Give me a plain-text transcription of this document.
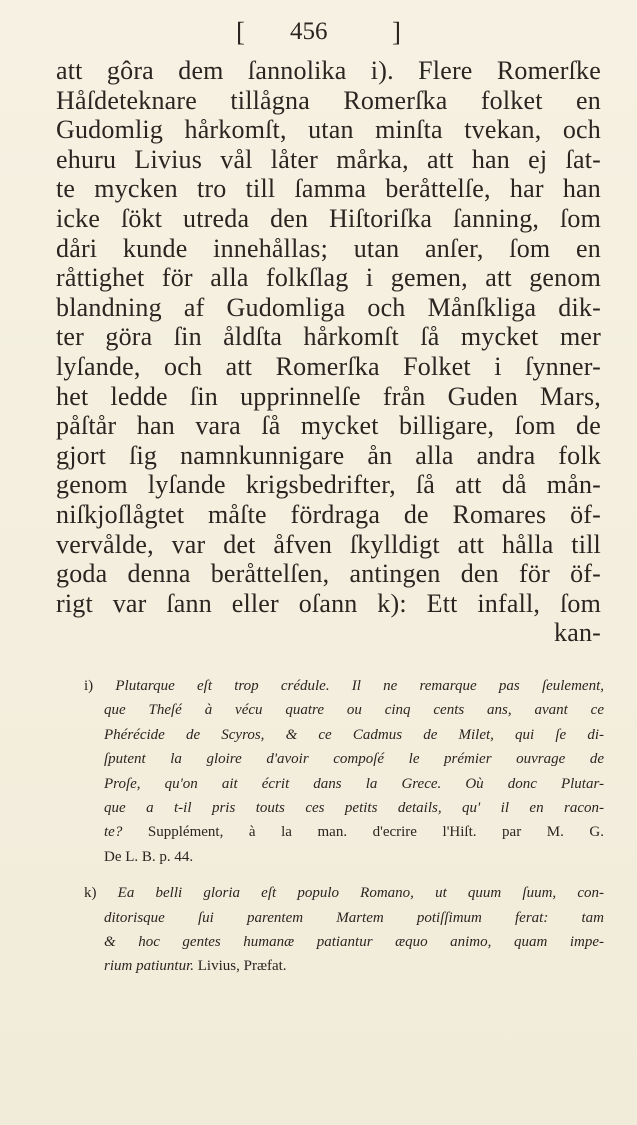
[ 456 ]
att gôra dem ſannolika i). Flere Romerſke
Håſdeteknare tillågna Romerſka folket en
Gudomlig hårkomſt, utan minſta tvekan, och
ehuru Livius vål låter mårka, att han ej ſat-
te mycken tro till ſamma beråttelſe, har han
icke ſökt utreda den Hiſtoriſka ſanning, ſom
dåri kunde innehållas; utan anſer, ſom en
råttighet för alla folkſlag i gemen, att genom
blandning af Gudomliga och Månſkliga dik-
ter göra ſin åldſta hårkomſt ſå mycket mer
lyſande, och att Romerſka Folket i ſynner-
het ledde ſin upprinnelſe från Guden Mars,
påſtår han vara ſå mycket billigare, ſom de
gjort ſig namnkunnigare ån alla andra folk
genom lyſande krigsbedrifter, ſå att då mån-
niſkjoſlågtet måſte fördraga de Romares öf-
vervålde, var det åfven ſkylldigt att hålla till
goda denna beråttelſen, antingen den för öf-
rigt var ſann eller oſann k): Ett infall, ſom
kan-
i) Plutarque eſt trop crédule. Il ne remarque pas ſeulement,
que Theſé à vécu quatre ou cinq cents ans, avant ce
Phérécide de Scyros, & ce Cadmus de Milet, qui ſe di-
ſputent la gloire d'avoir compoſé le prémier ouvrage de
Proſe, qu'on ait écrit dans la Grece. Où donc Plutar-
que a t-il pris touts ces petits details, qu' il en racon-
te? Supplément, à la man. d'ecrire l'Hiſt. par M. G.
De L. B. p. 44.
k) Ea belli gloria eſt populo Romano, ut quum ſuum, con-
ditorisque ſui parentem Martem potiſſimum ferat: tam
& hoc gentes humanæ patiantur æquo animo, quam impe-
rium patiuntur. Livius, Præfat.
